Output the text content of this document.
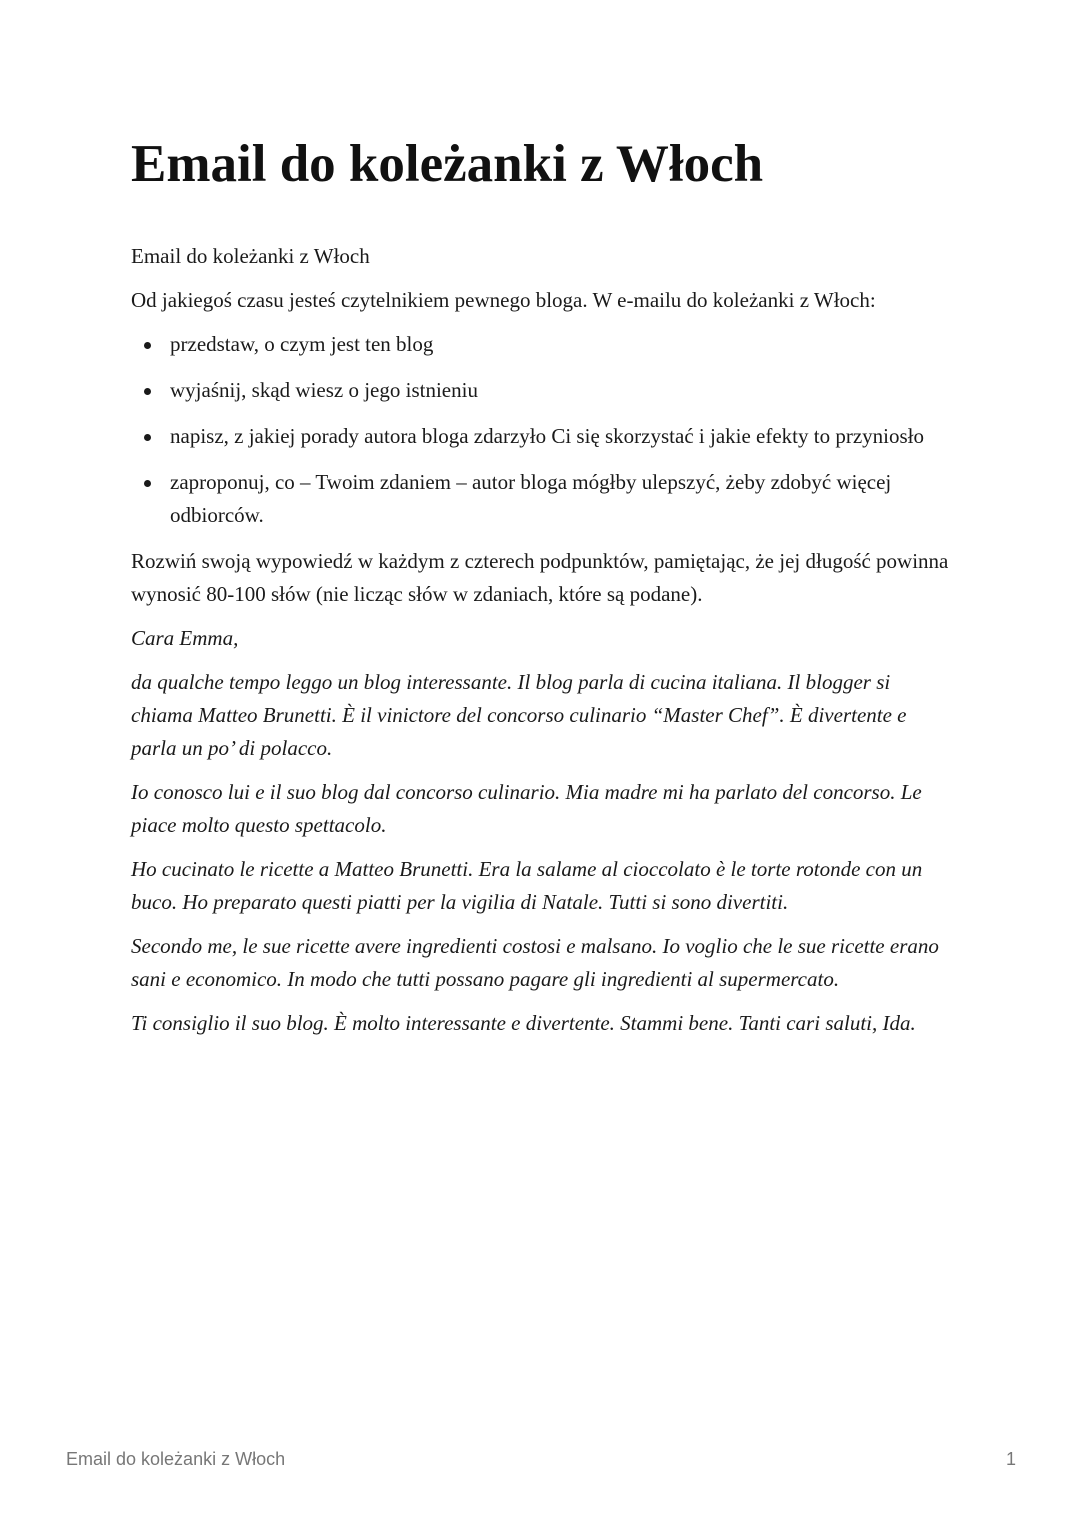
Email do koleżanki z Włoch

Email do koleżanki z Włoch

Od jakiegoś czasu jesteś czytelnikiem pewnego bloga. W e-mailu do koleżanki z Włoch:

przedstaw, o czym jest ten blog
wyjaśnij, skąd wiesz o jego istnieniu
napisz, z jakiej porady autora bloga zdarzyło Ci się skorzystać i jakie efekty to przyniosło
zaproponuj, co – Twoim zdaniem – autor bloga mógłby ulepszyć, żeby zdobyć więcej odbiorców.

Rozwiń swoją wypowiedź w każdym z czterech podpunktów, pamiętając, że jej długość powinna wynosić 80-100 słów (nie licząc słów w zdaniach, które są podane).

Cara Emma,

da qualche tempo leggo un blog interessante. Il blog parla di cucina italiana. Il blogger si chiama Matteo Brunetti. È il vinictore del concorso culinario “Master Chef”. È divertente e parla un po’ di polacco.

Io conosco lui e il suo blog dal concorso culinario. Mia madre mi ha parlato del concorso. Le piace molto questo spettacolo.

Ho cucinato le ricette a Matteo Brunetti. Era la salame al cioccolato è le torte rotonde con un buco. Ho preparato questi piatti per la vigilia di Natale. Tutti si sono divertiti.

Secondo me, le sue ricette avere ingredienti costosi e malsano. Io voglio che le sue ricette erano sani e economico. In modo che tutti possano pagare gli ingredienti al supermercato.

Ti consiglio il suo blog. È molto interessante e divertente. Stammi bene. Tanti cari saluti, Ida.

Email do koleżanki z Włoch	1
